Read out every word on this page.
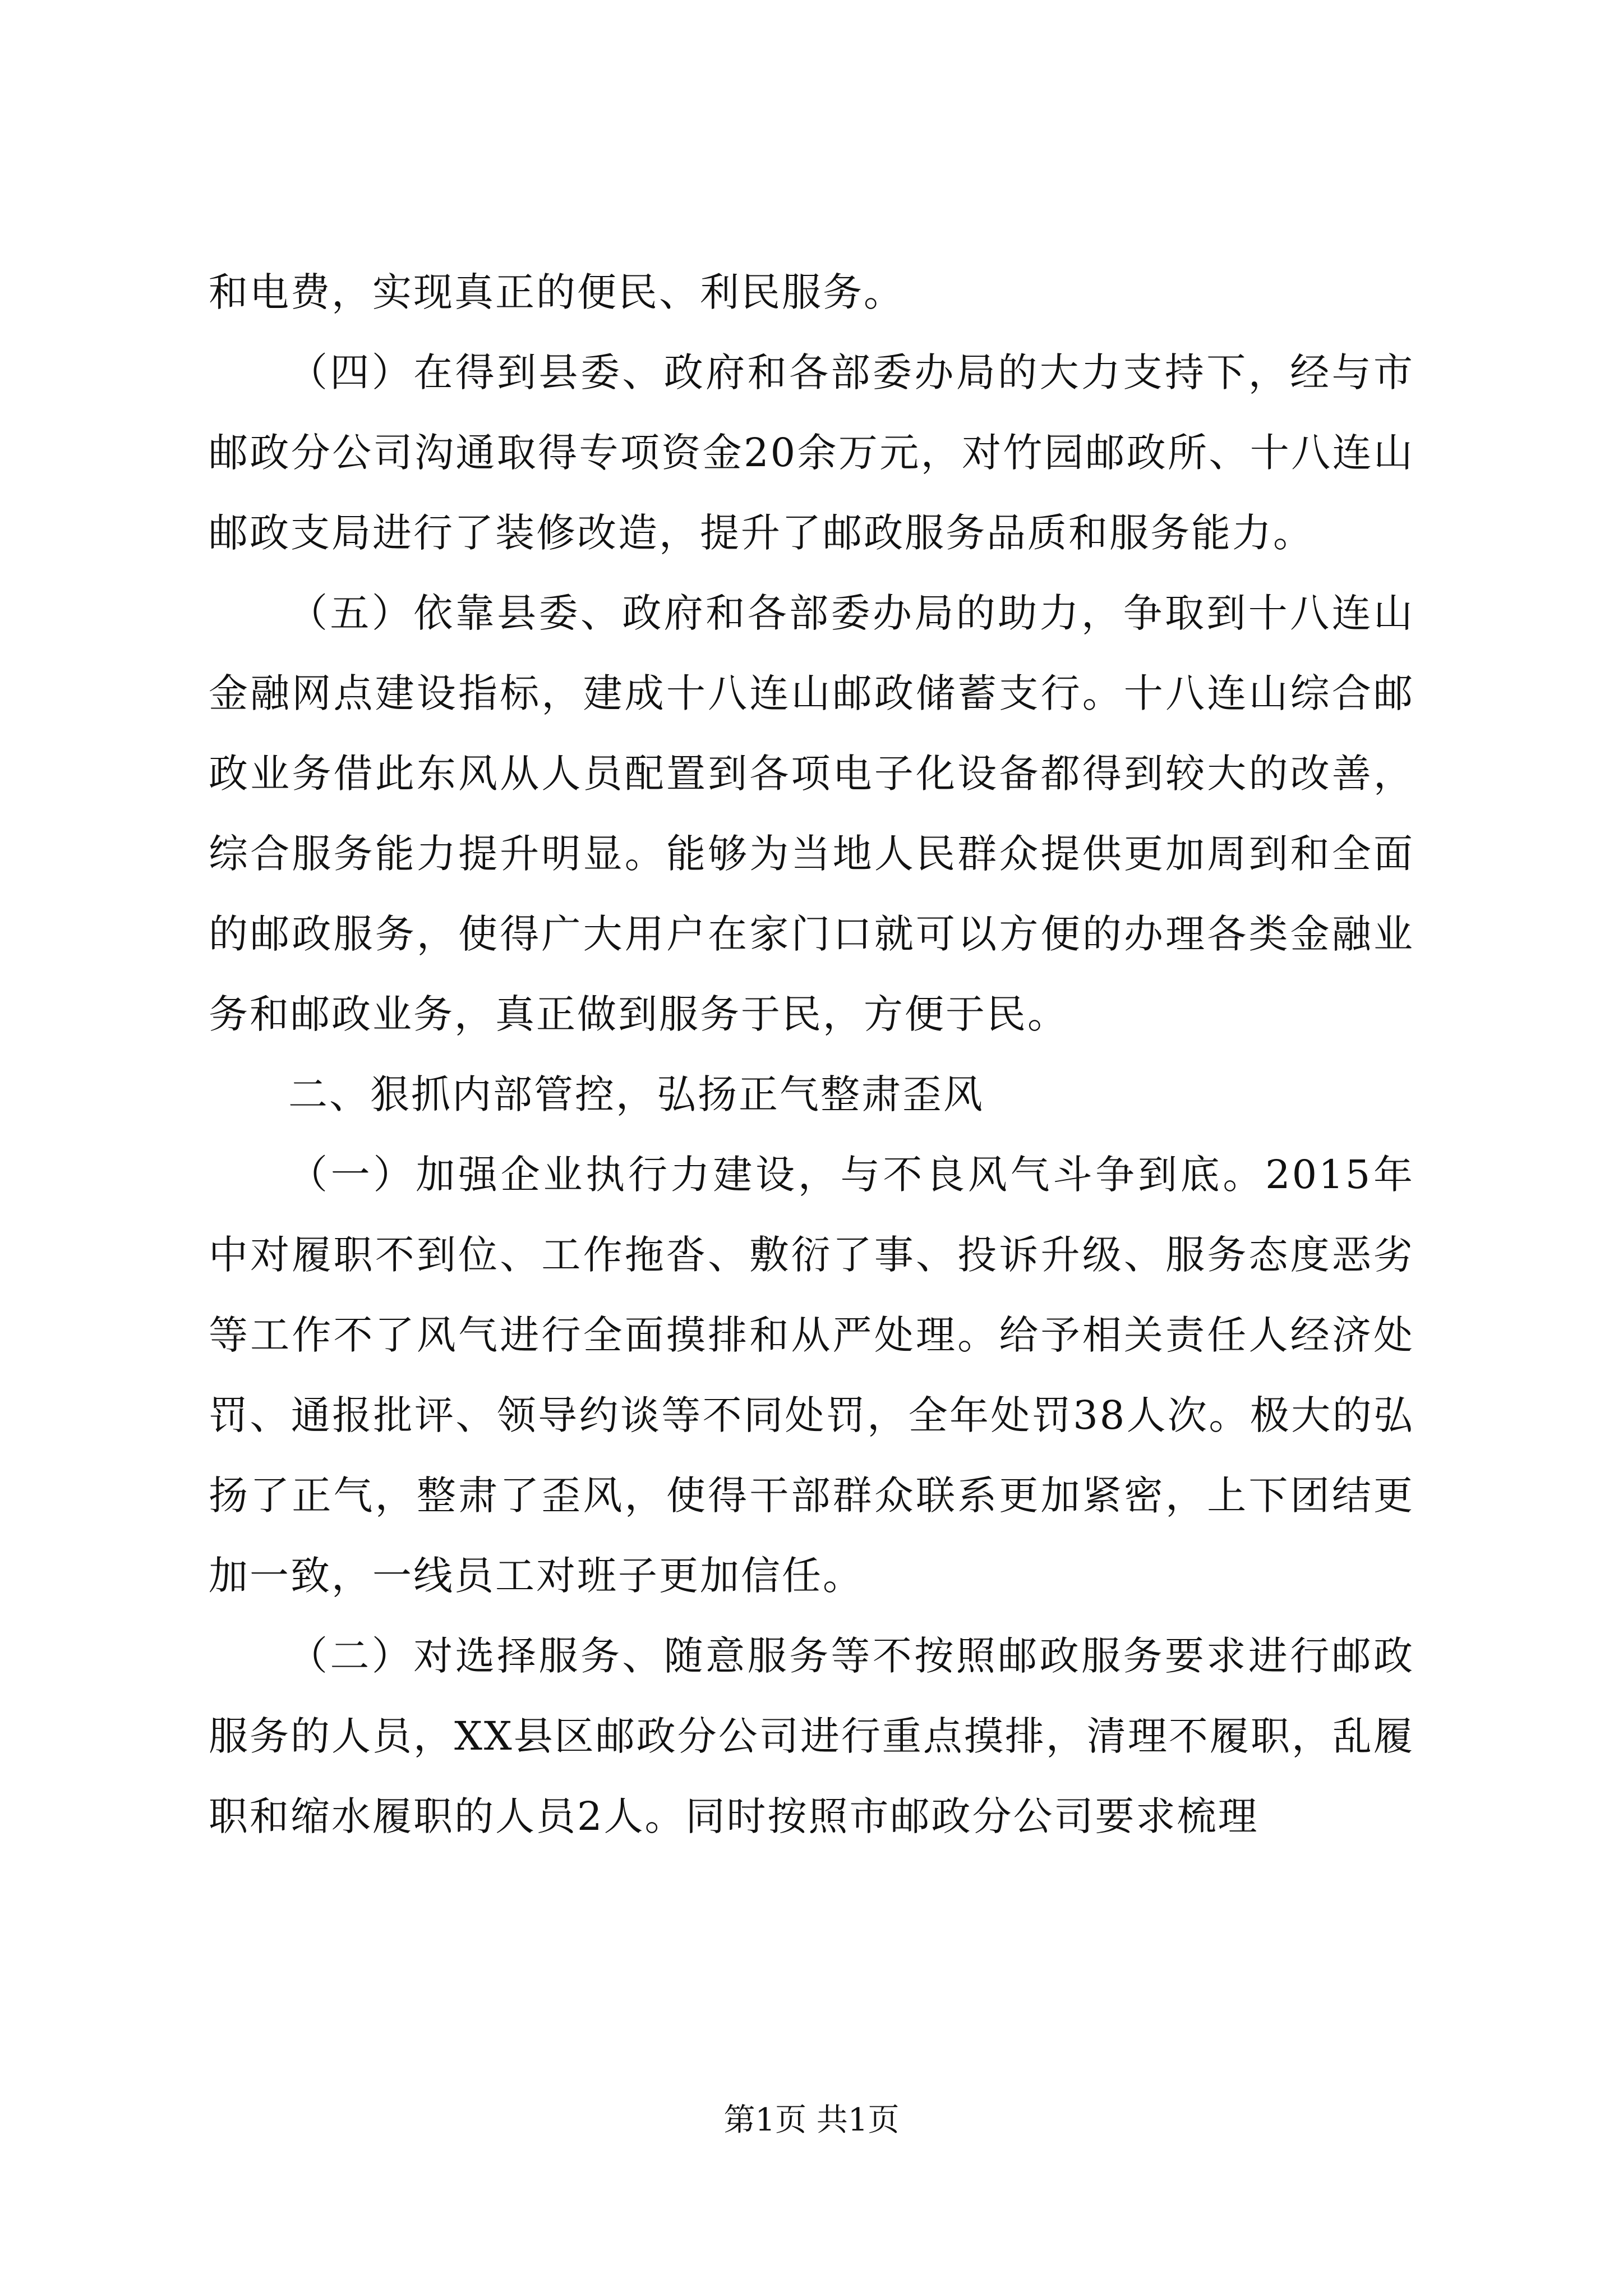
和电费，实现真正的便民、利民服务。

（四）在得到县委、政府和各部委办局的大力支持下，经与市邮政分公司沟通取得专项资金20余万元，对竹园邮政所、十八连山邮政支局进行了装修改造，提升了邮政服务品质和服务能力。

（五）依靠县委、政府和各部委办局的助力，争取到十八连山金融网点建设指标，建成十八连山邮政储蓄支行。十八连山综合邮政业务借此东风从人员配置到各项电子化设备都得到较大的改善，综合服务能力提升明显。能够为当地人民群众提供更加周到和全面的邮政服务，使得广大用户在家门口就可以方便的办理各类金融业务和邮政业务，真正做到服务于民，方便于民。

二、狠抓内部管控，弘扬正气整肃歪风

（一）加强企业执行力建设，与不良风气斗争到底。2015年中对履职不到位、工作拖沓、敷衍了事、投诉升级、服务态度恶劣等工作不了风气进行全面摸排和从严处理。给予相关责任人经济处罚、通报批评、领导约谈等不同处罚，全年处罚38人次。极大的弘扬了正气，整肃了歪风，使得干部群众联系更加紧密，上下团结更加一致，一线员工对班子更加信任。

（二）对选择服务、随意服务等不按照邮政服务要求进行邮政服务的人员，XX县区邮政分公司进行重点摸排，清理不履职，乱履职和缩水履职的人员2人。同时按照市邮政分公司要求梳理

第1页 共1页
